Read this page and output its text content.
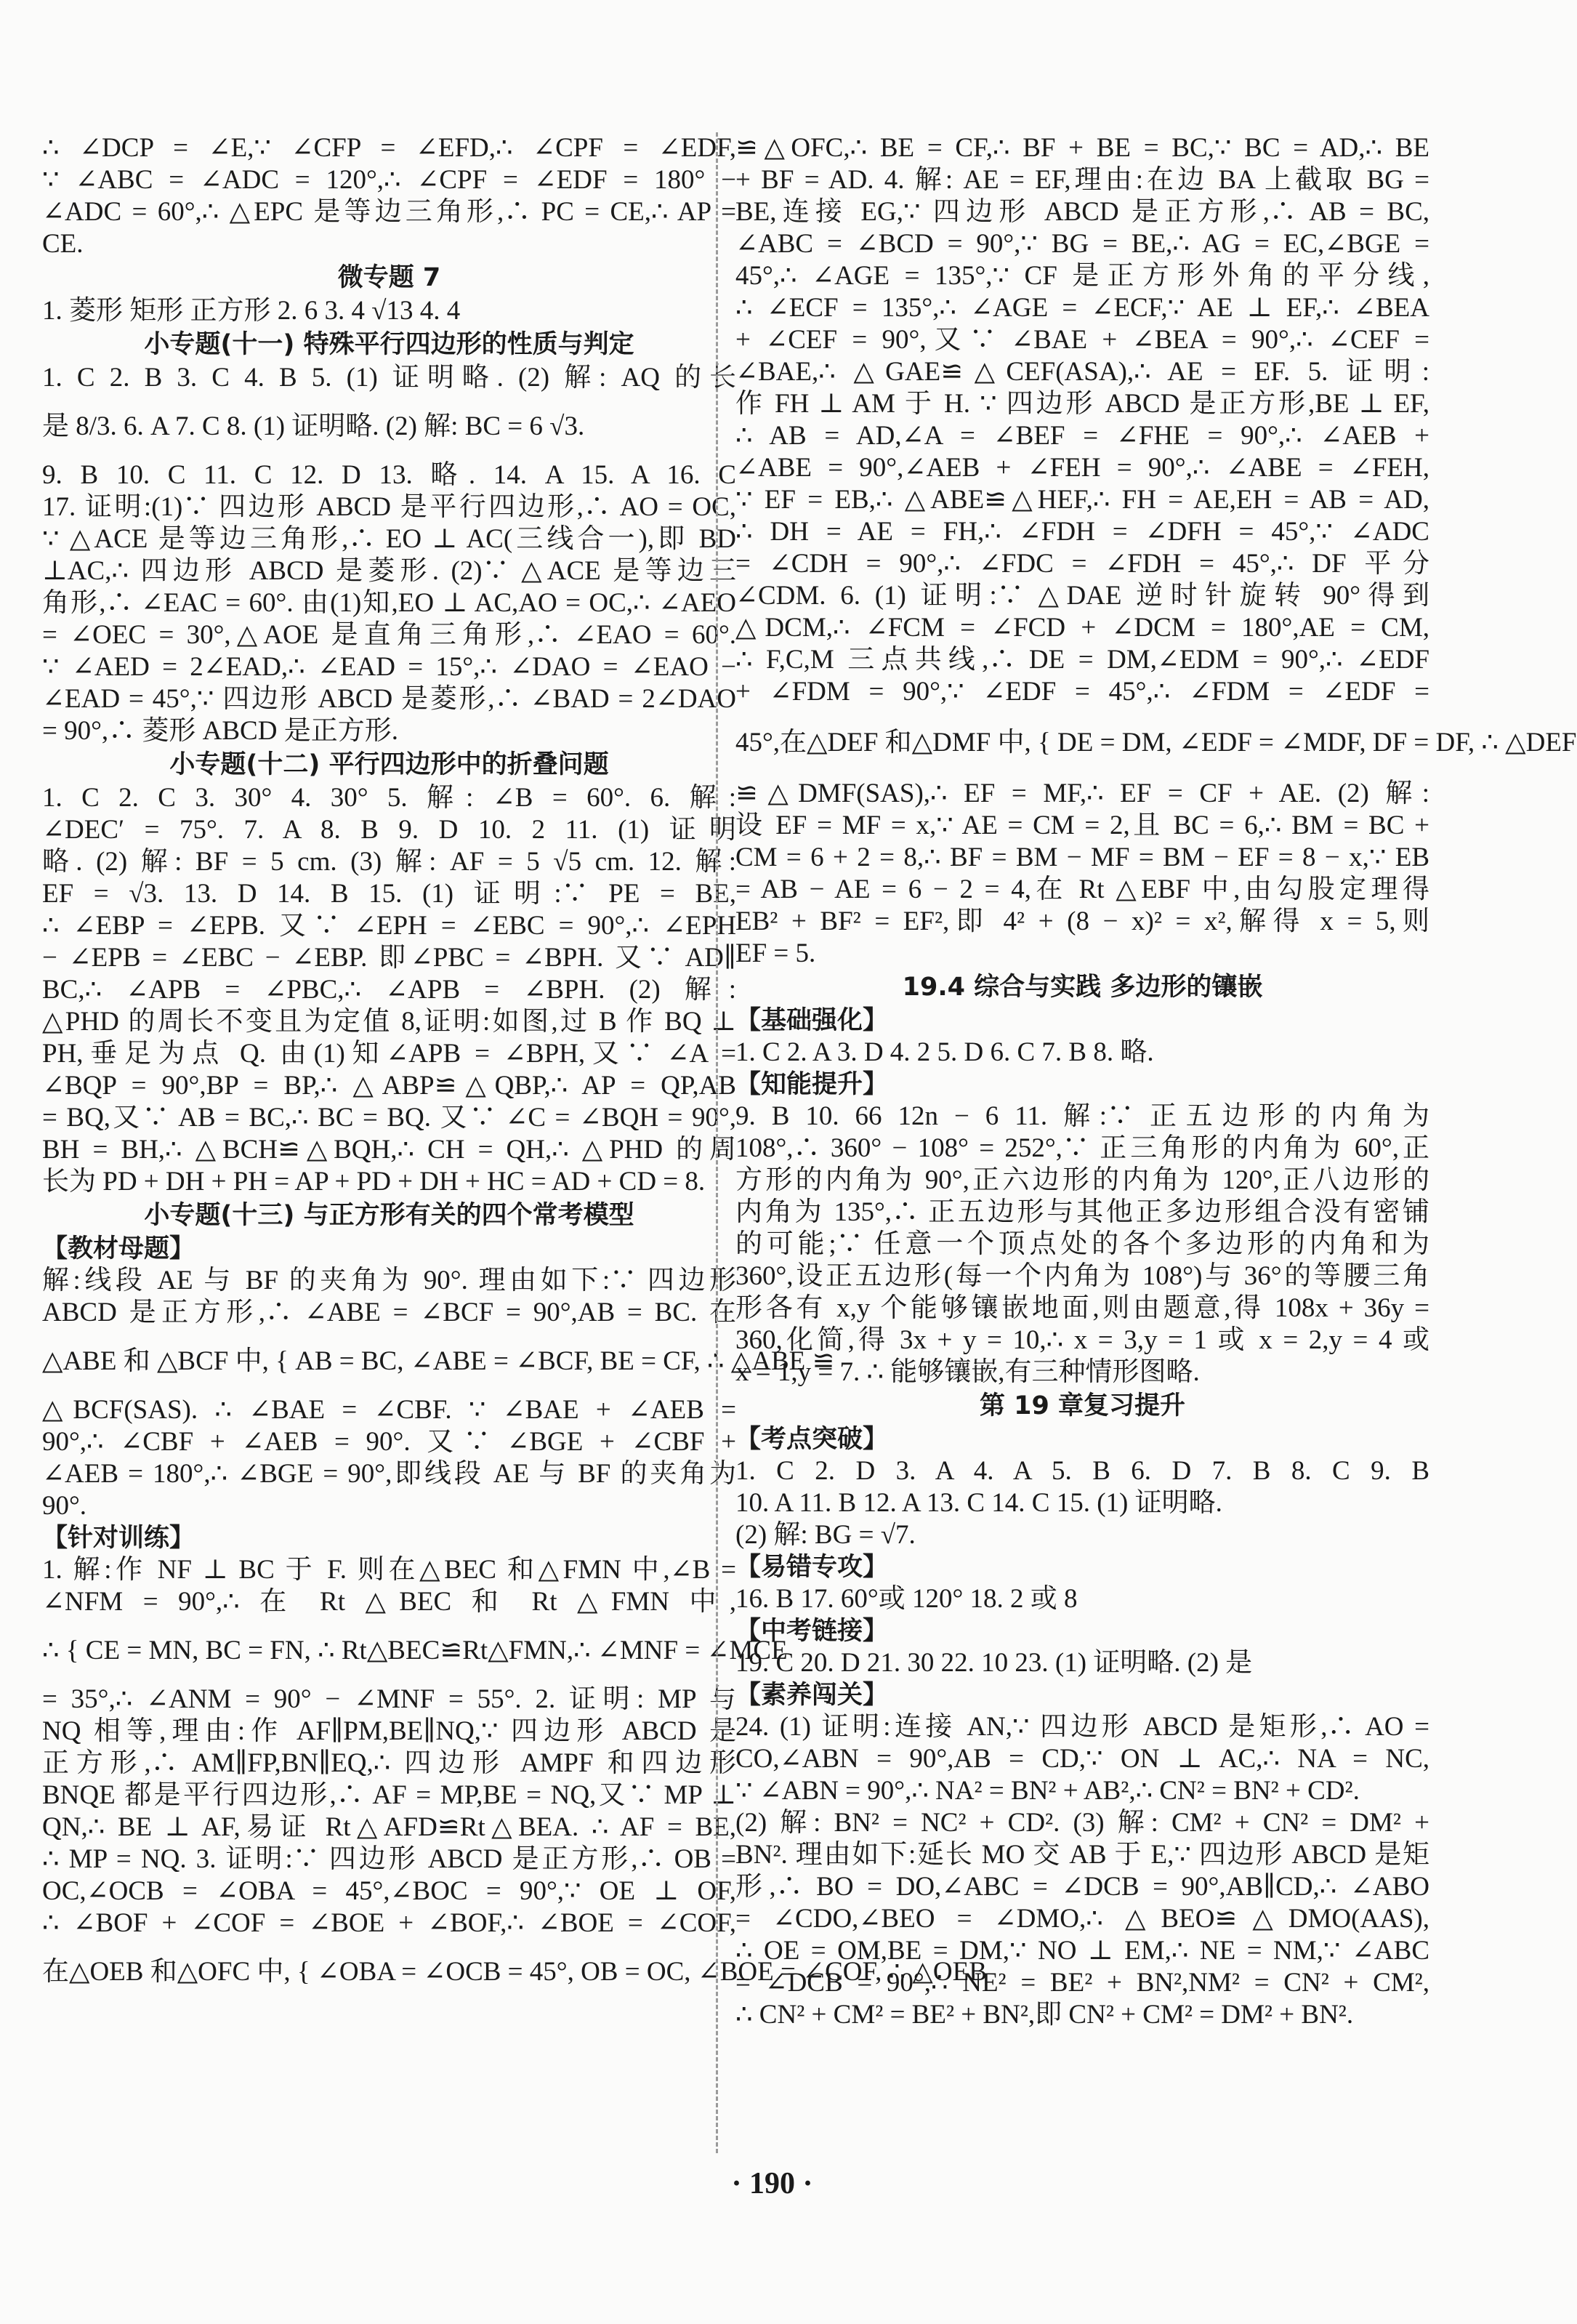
∴ ∠DCP = ∠E,∵ ∠CFP = ∠EFD,∴ ∠CPF = ∠EDF,
∵ ∠ABC = ∠ADC = 120°,∴ ∠CPF = ∠EDF = 180° −
∠ADC = 60°,∴ △EPC 是等边三角形,∴ PC = CE,∴ AP =
CE.
微专题 7
1. 菱形 矩形 正方形 2. 6 3. 4 √13 4. 4
小专题(十一) 特殊平行四边形的性质与判定
1. C 2. B 3. C 4. B 5. (1) 证明略. (2) 解: AQ 的长
是 8/3. 6. A 7. C 8. (1) 证明略. (2) 解: BC = 6 √3.
9. B 10. C 11. C 12. D 13. 略. 14. A 15. A 16. C
17. 证明:(1)∵ 四边形 ABCD 是平行四边形,∴ AO = OC,
∵ △ACE 是等边三角形,∴ EO ⊥ AC(三线合一),即 BD
⊥AC,∴ 四边形 ABCD 是菱形. (2)∵ △ACE 是等边三
角形,∴ ∠EAC = 60°. 由(1)知,EO ⊥ AC,AO = OC,∴ ∠AEO
= ∠OEC = 30°,△AOE 是直角三角形,∴ ∠EAO = 60°.
∵ ∠AED = 2∠EAD,∴ ∠EAD = 15°,∴ ∠DAO = ∠EAO −
∠EAD = 45°,∵ 四边形 ABCD 是菱形,∴ ∠BAD = 2∠DAO
= 90°,∴ 菱形 ABCD 是正方形.
小专题(十二) 平行四边形中的折叠问题
1. C 2. C 3. 30° 4. 30° 5. 解: ∠B = 60°. 6. 解:
∠DEC′ = 75°. 7. A 8. B 9. D 10. 2 11. (1) 证明
略. (2) 解: BF = 5 cm. (3) 解: AF = 5 √5 cm. 12. 解:
EF = √3. 13. D 14. B 15. (1) 证明:∵ PE = BE,
∴ ∠EBP = ∠EPB. 又∵ ∠EPH = ∠EBC = 90°,∴ ∠EPH
− ∠EPB = ∠EBC − ∠EBP. 即∠PBC = ∠BPH. 又∵ AD∥
BC,∴ ∠APB = ∠PBC,∴ ∠APB = ∠BPH. (2) 解:
△PHD 的周长不变且为定值 8,证明:如图,过 B 作 BQ ⊥
PH,垂足为点 Q. 由(1)知∠APB = ∠BPH,又∵ ∠A =
∠BQP = 90°,BP = BP,∴ △ABP≌△QBP,∴ AP = QP,AB
= BQ,又∵ AB = BC,∴ BC = BQ. 又∵ ∠C = ∠BQH = 90°,
BH = BH,∴ △BCH≌△BQH,∴ CH = QH,∴ △PHD 的周
长为 PD + DH + PH = AP + PD + DH + HC = AD + CD = 8.
小专题(十三) 与正方形有关的四个常考模型
【教材母题】
解:线段 AE 与 BF 的夹角为 90°. 理由如下:∵ 四边形
ABCD 是正方形,∴ ∠ABE = ∠BCF = 90°,AB = BC. 在
△ABE 和 △BCF 中, { AB = BC, ∠ABE = ∠BCF, BE = CF, ∴ △ABE ≌
△BCF(SAS). ∴ ∠BAE = ∠CBF. ∵ ∠BAE + ∠AEB =
90°,∴ ∠CBF + ∠AEB = 90°. 又∵ ∠BGE + ∠CBF +
∠AEB = 180°,∴ ∠BGE = 90°,即线段 AE 与 BF 的夹角为
90°.
【针对训练】
1. 解:作 NF ⊥ BC 于 F. 则在△BEC 和△FMN 中,∠B =
∠NFM = 90°,∴ 在 Rt △BEC 和 Rt △FMN 中,
∴ { CE = MN, BC = FN, ∴ Rt△BEC≌Rt△FMN,∴ ∠MNF = ∠MCE
= 35°,∴ ∠ANM = 90° − ∠MNF = 55°. 2. 证明: MP 与
NQ 相等,理由:作 AF∥PM,BE∥NQ,∵ 四边形 ABCD 是
正方形,∴ AM∥FP,BN∥EQ,∴ 四边形 AMPF 和四边形
BNQE 都是平行四边形,∴ AF = MP,BE = NQ,又∵ MP ⊥
QN,∴ BE ⊥ AF,易证 Rt△AFD≌Rt△BEA. ∴ AF = BE,
∴ MP = NQ. 3. 证明:∵ 四边形 ABCD 是正方形,∴ OB =
OC,∠OCB = ∠OBA = 45°,∠BOC = 90°,∵ OE ⊥ OF,
∴ ∠BOF + ∠COF = ∠BOE + ∠BOF,∴ ∠BOE = ∠COF,
在△OEB 和△OFC 中, { ∠OBA = ∠OCB = 45°, OB = OC, ∠BOE = ∠COF, ∴ △OEB
≌△OFC,∴ BE = CF,∴ BF + BE = BC,∵ BC = AD,∴ BE
+ BF = AD. 4. 解: AE = EF,理由:在边 BA 上截取 BG =
BE,连接 EG,∵ 四边形 ABCD 是正方形,∴ AB = BC,
∠ABC = ∠BCD = 90°,∵ BG = BE,∴ AG = EC,∠BGE =
45°,∴ ∠AGE = 135°,∵ CF 是正方形外角的平分线,
∴ ∠ECF = 135°,∴ ∠AGE = ∠ECF,∵ AE ⊥ EF,∴ ∠BEA
+ ∠CEF = 90°,又∵ ∠BAE + ∠BEA = 90°,∴ ∠CEF =
∠BAE,∴ △GAE≌△CEF(ASA),∴ AE = EF. 5. 证明:
作 FH ⊥ AM 于 H. ∵ 四边形 ABCD 是正方形,BE ⊥ EF,
∴ AB = AD,∠A = ∠BEF = ∠FHE = 90°,∴ ∠AEB +
∠ABE = 90°,∠AEB + ∠FEH = 90°,∴ ∠ABE = ∠FEH,
∵ EF = EB,∴ △ABE≌△HEF,∴ FH = AE,EH = AB = AD,
∴ DH = AE = FH,∴ ∠FDH = ∠DFH = 45°,∵ ∠ADC
= ∠CDH = 90°,∴ ∠FDC = ∠FDH = 45°,∴ DF 平分
∠CDM. 6. (1) 证明:∵ △DAE 逆时针旋转 90°得到
△DCM,∴ ∠FCM = ∠FCD + ∠DCM = 180°,AE = CM,
∴ F,C,M 三点共线,∴ DE = DM,∠EDM = 90°,∴ ∠EDF
+ ∠FDM = 90°,∵ ∠EDF = 45°,∴ ∠FDM = ∠EDF =
45°,在△DEF 和△DMF 中, { DE = DM, ∠EDF = ∠MDF, DF = DF, ∴ △DEF
≌△DMF(SAS),∴ EF = MF,∴ EF = CF + AE. (2) 解:
设 EF = MF = x,∵ AE = CM = 2,且 BC = 6,∴ BM = BC +
CM = 6 + 2 = 8,∴ BF = BM − MF = BM − EF = 8 − x,∵ EB
= AB − AE = 6 − 2 = 4,在 Rt △EBF 中,由勾股定理得
EB² + BF² = EF²,即 4² + (8 − x)² = x²,解得 x = 5,则
EF = 5.
19.4 综合与实践 多边形的镶嵌
【基础强化】
1. C 2. A 3. D 4. 2 5. D 6. C 7. B 8. 略.
【知能提升】
9. B 10. 66 12n − 6 11. 解:∵ 正五边形的内角为
108°,∴ 360° − 108° = 252°,∵ 正三角形的内角为 60°,正
方形的内角为 90°,正六边形的内角为 120°,正八边形的
内角为 135°,∴ 正五边形与其他正多边形组合没有密铺
的可能;∵ 任意一个顶点处的各个多边形的内角和为
360°,设正五边形(每一个内角为 108°)与 36°的等腰三角
形各有 x,y 个能够镶嵌地面,则由题意,得 108x + 36y =
360,化简,得 3x + y = 10,∴ x = 3,y = 1 或 x = 2,y = 4 或
x = 1,y = 7. ∴ 能够镶嵌,有三种情形图略.
第 19 章复习提升
【考点突破】
1. C 2. D 3. A 4. A 5. B 6. D 7. B 8. C 9. B
10. A 11. B 12. A 13. C 14. C 15. (1) 证明略.
(2) 解: BG = √7.
【易错专攻】
16. B 17. 60°或 120° 18. 2 或 8
【中考链接】
19. C 20. D 21. 30 22. 10 23. (1) 证明略. (2) 是
【素养闯关】
24. (1) 证明:连接 AN,∵ 四边形 ABCD 是矩形,∴ AO =
CO,∠ABN = 90°,AB = CD,∵ ON ⊥ AC,∴ NA = NC,
∵ ∠ABN = 90°,∴ NA² = BN² + AB²,∴ CN² = BN² + CD².
(2) 解: BN² = NC² + CD². (3) 解: CM² + CN² = DM² +
BN². 理由如下:延长 MO 交 AB 于 E,∵ 四边形 ABCD 是矩
形,∴ BO = DO,∠ABC = ∠DCB = 90°,AB∥CD,∴ ∠ABO
= ∠CDO,∠BEO = ∠DMO,∴ △BEO≌△DMO(AAS),
∴ OE = OM,BE = DM,∵ NO ⊥ EM,∴ NE = NM,∵ ∠ABC
= ∠DCB = 90°,∴ NE² = BE² + BN²,NM² = CN² + CM²,
∴ CN² + CM² = BE² + BN²,即 CN² + CM² = DM² + BN².
· 190 ·
